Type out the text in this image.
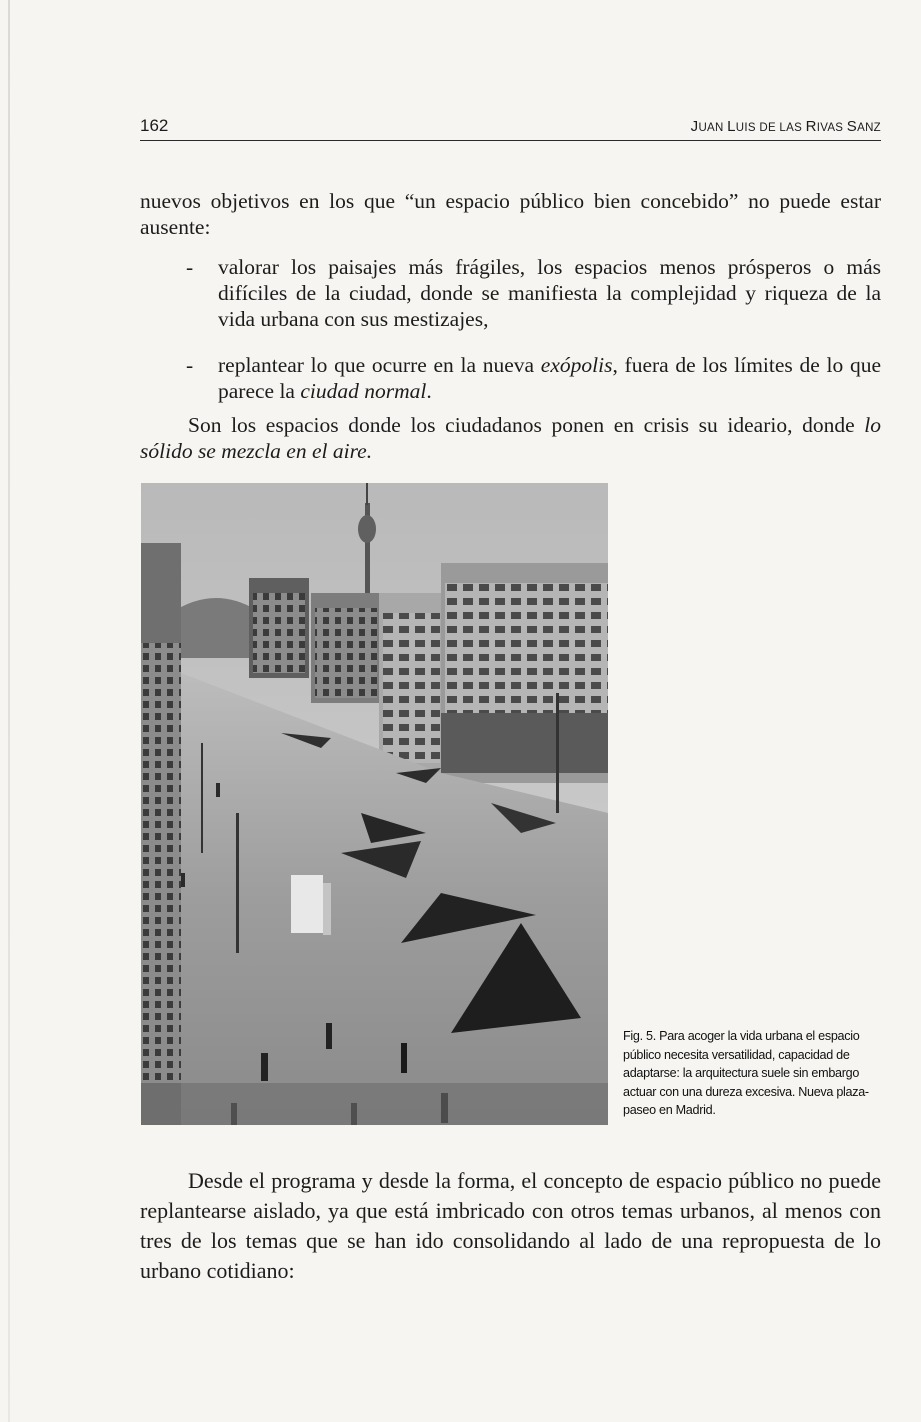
162	JUAN LUIS DE LAS RIVAS SANZ

nuevos objetivos en los que “un espacio público bien concebido” no puede estar ausente:

- valorar los paisajes más frágiles, los espacios menos prósperos o más difíciles de la ciudad, donde se manifiesta la complejidad y riqueza de la vida urbana con sus mestizajes,
- replantear lo que ocurre en la nueva exópolis, fuera de los límites de lo que parece la ciudad normal.

Son los espacios donde los ciudadanos ponen en crisis su ideario, donde lo sólido se mezcla en el aire.

Fig. 5. Para acoger la vida urbana el espacio público necesita versatilidad, capacidad de adaptarse: la arquitectura suele sin embargo actuar con una dureza excesiva. Nueva plaza-paseo en Madrid.

Desde el programa y desde la forma, el concepto de espacio público no puede replantearse aislado, ya que está imbricado con otros temas urbanos, al menos con tres de los temas que se han ido consolidando al lado de una repropuesta de lo urbano cotidiano:
